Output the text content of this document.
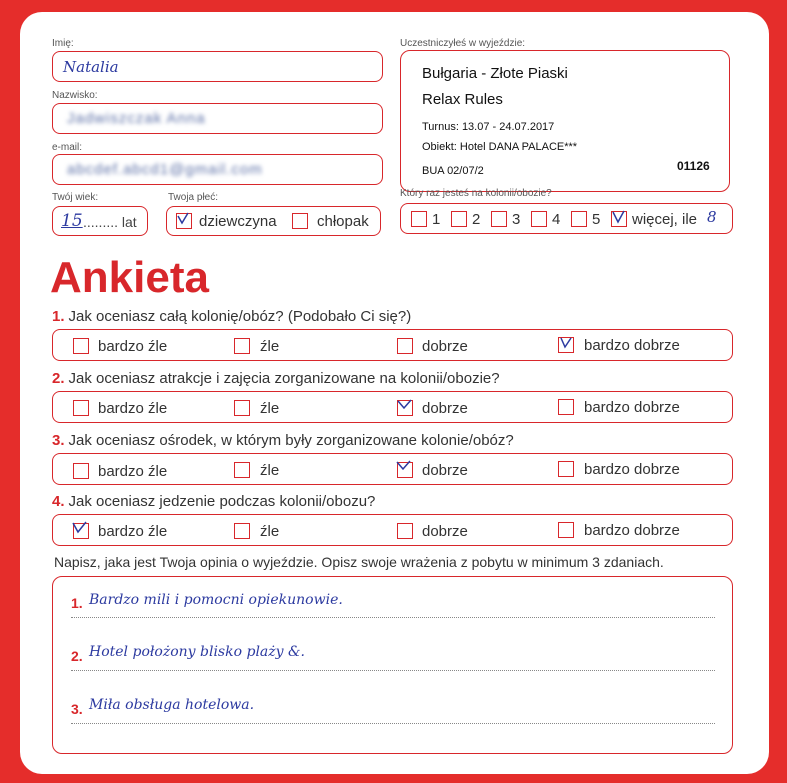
Imię:
Natalia
Nazwisko:
Jadwiszczak Anna
e-mail:
abcdef.abcd1@gmail.com
Twój wiek:
15 ......... lat
Twoja płeć:
dziewczyna	chłopak
Uczestniczyłeś w wyjeździe:
Bułgaria - Złote Piaski
Relax Rules
Turnus: 13.07 - 24.07.2017
Obiekt: Hotel DANA PALACE***
BUA 02/07/2	01126
Który raz jesteś na kolonii/obozie?
1 2 3 4 5 więcej, ile 8
Ankieta
1. Jak oceniasz całą kolonię/obóz? (Podobało Ci się?)
bardzo źle	źle	dobrze	bardzo dobrze
2. Jak oceniasz atrakcje i zajęcia zorganizowane na kolonii/obozie?
bardzo źle	źle	dobrze	bardzo dobrze
3. Jak oceniasz ośrodek, w którym były zorganizowane kolonie/obóz?
bardzo źle	źle	dobrze	bardzo dobrze
4. Jak oceniasz jedzenie podczas kolonii/obozu?
bardzo źle	źle	dobrze	bardzo dobrze
Napisz, jaka jest Twoja opinia o wyjeździe. Opisz swoje wrażenia z pobytu w minimum 3 zdaniach.
1. Bardzo mili i pomocni opiekunowie.
2. Hotel położony blisko plaży &.
3. Miła obsługa hotelowa.
